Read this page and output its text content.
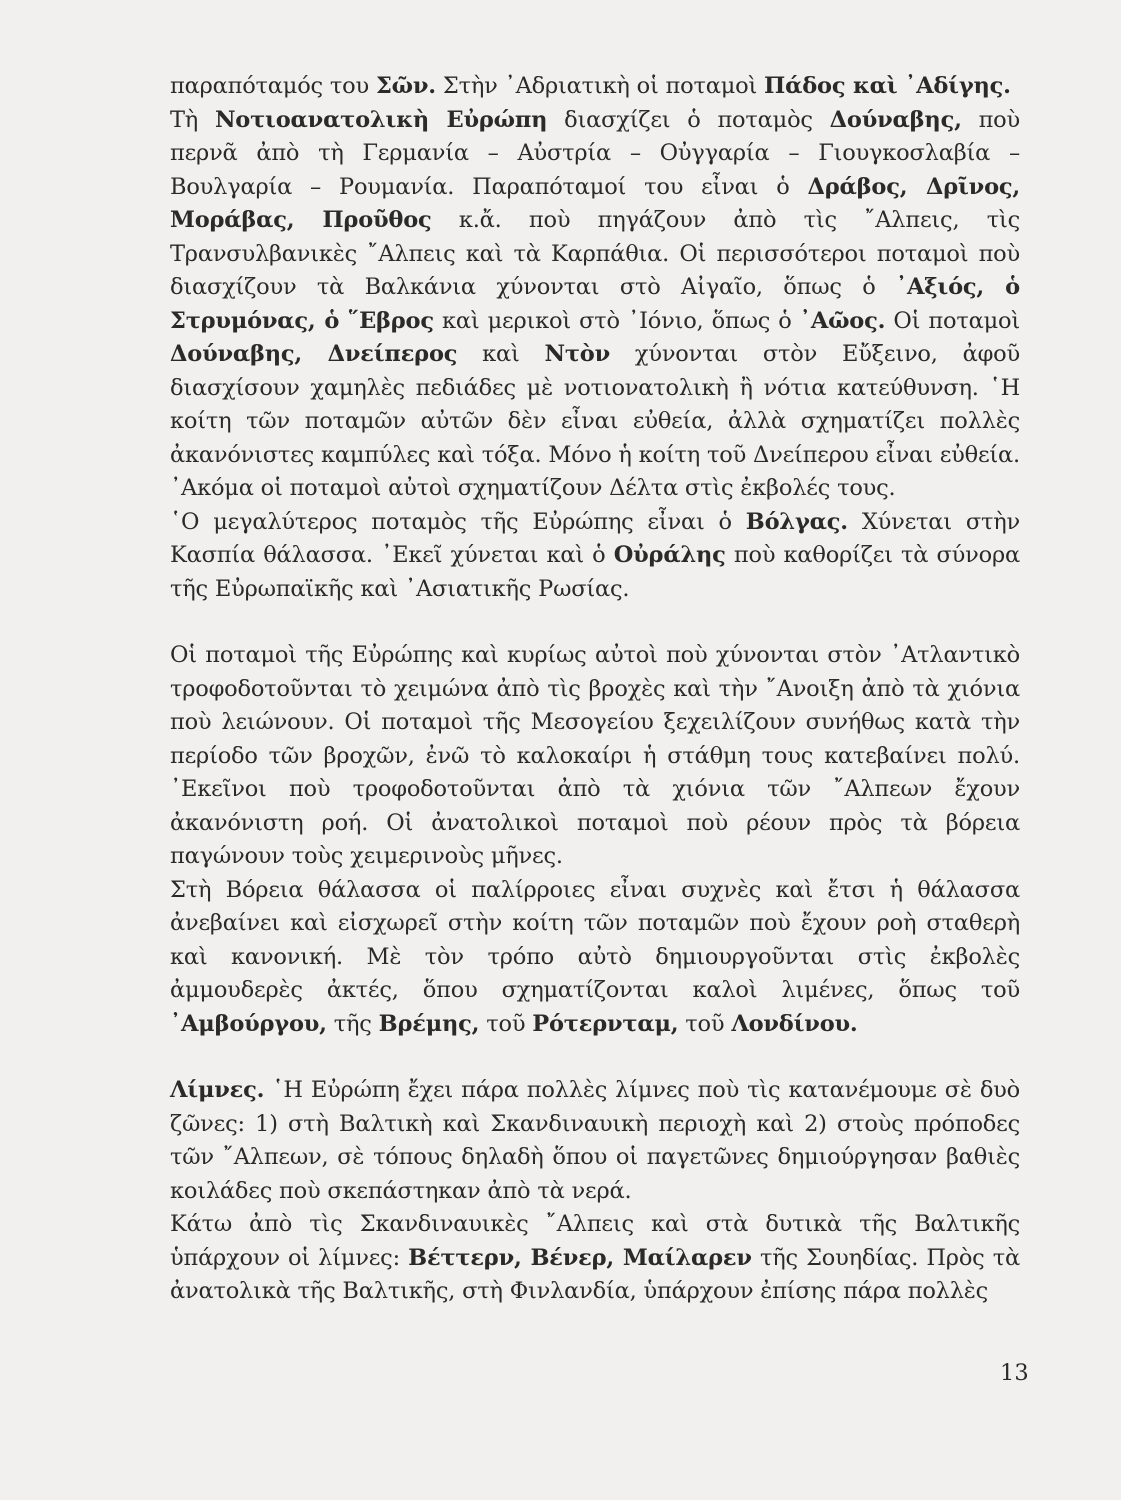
παραπόταμός του Σῶν. Στὴν ᾿Αδριατικὴ οἱ ποταμοὶ Πάδος καὶ ᾿Αδίγης.

Τὴ Νοτιοανατολικὴ Εὐρώπη διασχίζει ὁ ποταμὸς Δούναβης, ποὺ περνᾶ ἀπὸ τὴ Γερμανία – Αὐστρία – Οὐγγαρία – Γιουγκοσλαβία – Βουλγαρία – Ρουμανία. Παραπόταμοί του εἶναι ὁ Δράβος, Δρῖνος, Μοράβας, Προῦθος κ.ἄ. ποὺ πηγάζουν ἀπὸ τὶς ῎Αλπεις, τὶς Τρανσυλβανικὲς ῎Αλπεις καὶ τὰ Καρπάθια. Οἱ περισσότεροι ποταμοὶ ποὺ διασχίζουν τὰ Βαλκάνια χύνονται στὸ Αἰγαῖο, ὅπως ὁ ᾿Αξιός, ὁ Στρυμόνας, ὁ ῞Εβρος καὶ μερικοὶ στὸ ᾿Ιόνιο, ὅπως ὁ ᾿Αῶος. Οἱ ποταμοὶ Δούναβης, Δνείπερος καὶ Ντὸν χύνονται στὸν Εὔξεινο, ἀφοῦ διασχίσουν χαμηλὲς πεδιάδες μὲ νοτιονατολικὴ ἢ νότια κατεύθυνση. ῾Η κοίτη τῶν ποταμῶν αὐτῶν δὲν εἶναι εὐθεία, ἀλλὰ σχηματίζει πολλὲς ἀκανόνιστες καμπύλες καὶ τόξα. Μόνο ἡ κοίτη τοῦ Δνείπερου εἶναι εὐθεία. ᾿Ακόμα οἱ ποταμοὶ αὐτοὶ σχηματίζουν Δέλτα στὶς ἐκβολές τους.

῾Ο μεγαλύτερος ποταμὸς τῆς Εὐρώπης εἶναι ὁ Βόλγας. Χύνεται στὴν Κασπία θάλασσα. ᾿Εκεῖ χύνεται καὶ ὁ Οὐράλης ποὺ καθορίζει τὰ σύνορα τῆς Εὐρωπαϊκῆς καὶ ᾿Ασιατικῆς Ρωσίας.

Οἱ ποταμοὶ τῆς Εὐρώπης καὶ κυρίως αὐτοὶ ποὺ χύνονται στὸν ᾿Ατλαντικὸ τροφοδοτοῦνται τὸ χειμώνα ἀπὸ τὶς βροχὲς καὶ τὴν ῎Ανοιξη ἀπὸ τὰ χιόνια ποὺ λειώνουν. Οἱ ποταμοὶ τῆς Μεσογείου ξεχειλίζουν συνήθως κατὰ τὴν περίοδο τῶν βροχῶν, ἐνῶ τὸ καλοκαίρι ἡ στάθμη τους κατεβαίνει πολύ. ᾿Εκεῖνοι ποὺ τροφοδοτοῦνται ἀπὸ τὰ χιόνια τῶν ῎Αλπεων ἔχουν ἀκανόνιστη ροή. Οἱ ἀνατολικοὶ ποταμοὶ ποὺ ρέουν πρὸς τὰ βόρεια παγώνουν τοὺς χειμερινοὺς μῆνες.

Στὴ Βόρεια θάλασσα οἱ παλίρροιες εἶναι συχνὲς καὶ ἔτσι ἡ θάλασσα ἀνεβαίνει καὶ εἰσχωρεῖ στὴν κοίτη τῶν ποταμῶν ποὺ ἔχουν ροὴ σταθερὴ καὶ κανονική. Μὲ τὸν τρόπο αὐτὸ δημιουργοῦνται στὶς ἐκβολὲς ἀμμουδερὲς ἀκτές, ὅπου σχηματίζονται καλοὶ λιμένες, ὅπως τοῦ ᾿Αμβούργου, τῆς Βρέμης, τοῦ Ρότερνταμ, τοῦ Λονδίνου.

Λίμνες. ῾Η Εὐρώπη ἔχει πάρα πολλὲς λίμνες ποὺ τὶς κατανέμουμε σὲ δυὸ ζῶνες: 1) στὴ Βαλτικὴ καὶ Σκανδιναυικὴ περιοχὴ καὶ 2) στοὺς πρόποδες τῶν ῎Αλπεων, σὲ τόπους δηλαδὴ ὅπου οἱ παγετῶνες δημιούργησαν βαθιὲς κοιλάδες ποὺ σκεπάστηκαν ἀπὸ τὰ νερά.

Κάτω ἀπὸ τὶς Σκανδιναυικὲς ῎Αλπεις καὶ στὰ δυτικὰ τῆς Βαλτικῆς ὑπάρχουν οἱ λίμνες: Βέττερν, Βένερ, Μαίλαρεν τῆς Σουηδίας. Πρὸς τὰ ἀνατολικὰ τῆς Βαλτικῆς, στὴ Φινλανδία, ὑπάρχουν ἐπίσης πάρα πολλὲς

13
